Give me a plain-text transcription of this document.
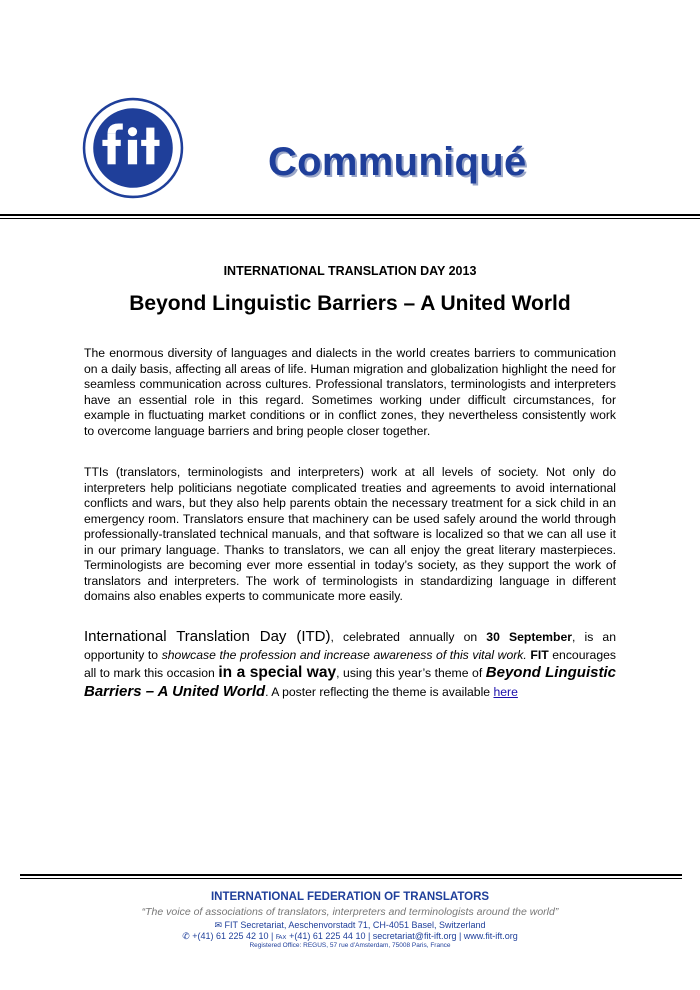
Communiqué
INTERNATIONAL TRANSLATION DAY 2013
Beyond Linguistic Barriers – A United World

The enormous diversity of languages and dialects in the world creates barriers to communication on a daily basis, affecting all areas of life. Human migration and globalization highlight the need for seamless communication across cultures. Professional translators, terminologists and interpreters have an essential role in this regard. Sometimes working under difficult circumstances, for example in fluctuating market conditions or in conflict zones, they nevertheless consistently work to overcome language barriers and bring people closer together.

TTIs (translators, terminologists and interpreters) work at all levels of society. Not only do interpreters help politicians negotiate complicated treaties and agreements to avoid international conflicts and wars, but they also help parents obtain the necessary treatment for a sick child in an emergency room. Translators ensure that machinery can be used safely around the world through professionally-translated technical manuals, and that software is localized so that we can all use it in our primary language. Thanks to translators, we can all enjoy the great literary masterpieces. Terminologists are becoming ever more essential in today’s society, as they support the work of translators and interpreters. The work of terminologists in standardizing language in different domains also enables experts to communicate more easily.

International Translation Day (ITD), celebrated annually on 30 September, is an opportunity to showcase the profession and increase awareness of this vital work. FIT encourages all to mark this occasion in a special way, using this year’s theme of Beyond Linguistic Barriers – A United World. A poster reflecting the theme is available here

INTERNATIONAL FEDERATION OF TRANSLATORS
“The voice of associations of translators, interpreters and terminologists around the world”
✉ FIT Secretariat, Aeschenvorstadt 71, CH-4051 Basel, Switzerland
✆ +(41) 61 225 42 10 | ℻ +(41) 61 225 44 10 | secretariat@fit-ift.org | www.fit-ift.org
Registered Office: REGUS, 57 rue d’Amsterdam, 75008 Paris, France
